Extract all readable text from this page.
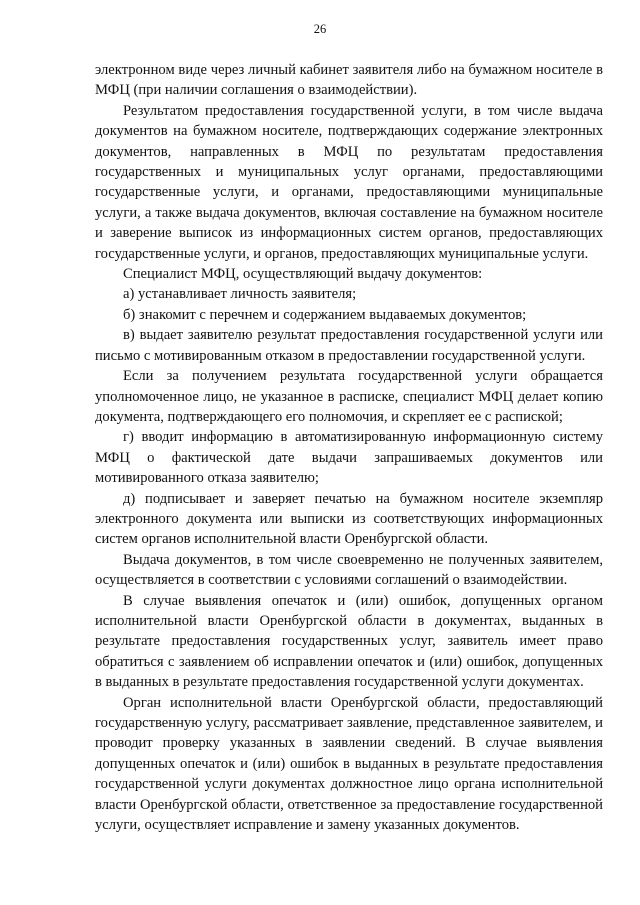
26

электронном виде через личный кабинет заявителя либо на бумажном носителе в МФЦ (при наличии соглашения о взаимодействии).

Результатом предоставления государственной услуги, в том числе выдача документов на бумажном носителе, подтверждающих содержание электронных документов, направленных в МФЦ по результатам предоставления государственных и муниципальных услуг органами, предоставляющими государственные услуги, и органами, предоставляющими муниципальные услуги, а также выдача документов, включая составление на бумажном носителе и заверение выписок из информационных систем органов, предоставляющих государственные услуги, и органов, предоставляющих муниципальные услуги.

Специалист МФЦ, осуществляющий выдачу документов:

а) устанавливает личность заявителя;

б) знакомит с перечнем и содержанием выдаваемых документов;

в) выдает заявителю результат предоставления государственной услуги или письмо с мотивированным отказом в предоставлении государственной услуги.

Если за получением результата государственной услуги обращается уполномоченное лицо, не указанное в расписке, специалист МФЦ делает копию документа, подтверждающего его полномочия, и скрепляет ее с распиской;

г) вводит информацию в автоматизированную информационную систему МФЦ о фактической дате выдачи запрашиваемых документов или мотивированного отказа заявителю;

д) подписывает и заверяет печатью на бумажном носителе экземпляр электронного документа или выписки из соответствующих информационных систем органов исполнительной власти Оренбургской области.

Выдача документов, в том числе своевременно не полученных заявителем, осуществляется в соответствии с условиями соглашений о взаимодействии.

В случае выявления опечаток и (или) ошибок, допущенных органом исполнительной власти Оренбургской области в документах, выданных в результате предоставления государственных услуг, заявитель имеет право обратиться с заявлением об исправлении опечаток и (или) ошибок, допущенных в выданных в результате предоставления государственной услуги документах.

Орган исполнительной власти Оренбургской области, предоставляющий государственную услугу, рассматривает заявление, представленное заявителем, и проводит проверку указанных в заявлении сведений. В случае выявления допущенных опечаток и (или) ошибок в выданных в результате предоставления государственной услуги документах должностное лицо органа исполнительной власти Оренбургской области, ответственное за предоставление государственной услуги, осуществляет исправление и замену указанных документов.
